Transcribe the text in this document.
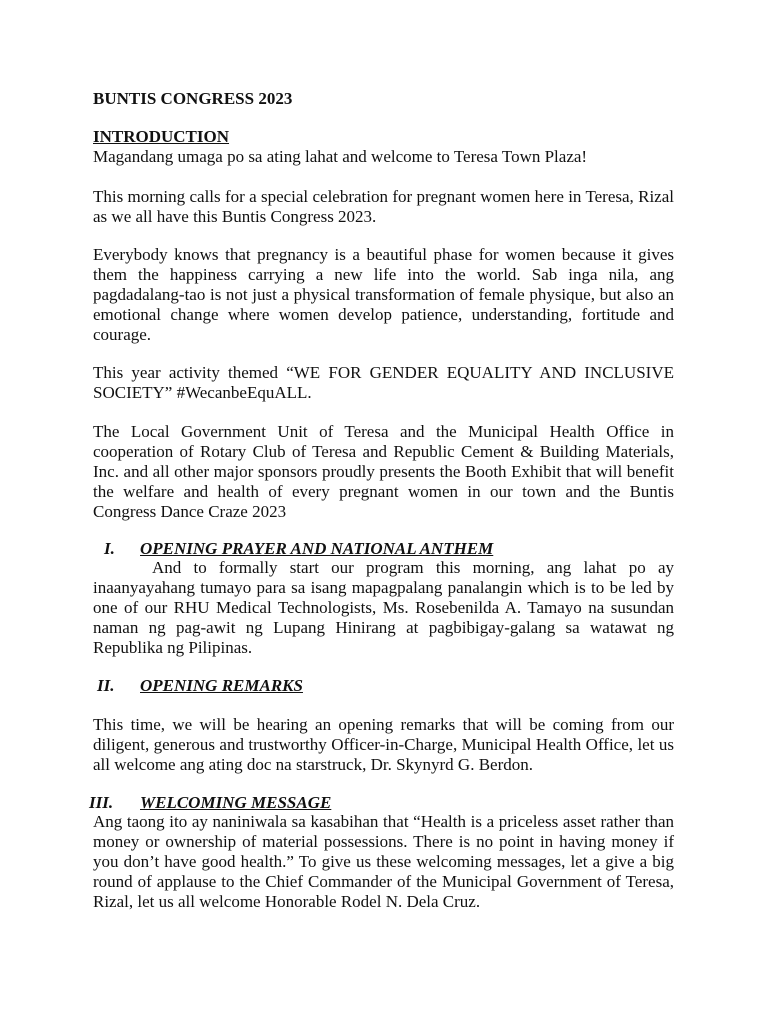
BUNTIS CONGRESS 2023
INTRODUCTION

Magandang umaga po sa ating lahat and welcome to Teresa Town Plaza!

This morning calls for a special celebration for pregnant women here in Teresa, Rizal as we all have this Buntis Congress 2023.

Everybody knows that pregnancy is a beautiful phase for women because it gives them the happiness carrying a new life into the world. Sab inga nila, ang pagdadalang-tao is not just a physical transformation of female physique, but also an emotional change where women develop patience, understanding, fortitude and courage.

This year activity themed “WE FOR GENDER EQUALITY AND INCLUSIVE SOCIETY” #WecanbeEquALL.

The Local Government Unit of Teresa and the Municipal Health Office in cooperation of Rotary Club of Teresa and Republic Cement & Building Materials, Inc. and all other major sponsors proudly presents the Booth Exhibit that will benefit the welfare and health of every pregnant women in our town and the Buntis Congress Dance Craze 2023

I. OPENING PRAYER AND NATIONAL ANTHEM

And to formally start our program this morning, ang lahat po ay inaanyayahang tumayo para sa isang mapagpalang panalangin which is to be led by one of our RHU Medical Technologists, Ms. Rosebenilda A. Tamayo na susundan naman ng pag-awit ng Lupang Hinirang at pagbibigay-galang sa watawat ng Republika ng Pilipinas.

II. OPENING REMARKS

This time, we will be hearing an opening remarks that will be coming from our diligent, generous and trustworthy Officer-in-Charge, Municipal Health Office, let us all welcome ang ating doc na starstruck, Dr. Skynyrd G. Berdon.

III. WELCOMING MESSAGE

Ang taong ito ay naniniwala sa kasabihan that “Health is a priceless asset rather than money or ownership of material possessions. There is no point in having money if you don’t have good health.” To give us these welcoming messages, let a give a big round of applause to the Chief Commander of the Municipal Government of Teresa, Rizal, let us all welcome Honorable Rodel N. Dela Cruz.
